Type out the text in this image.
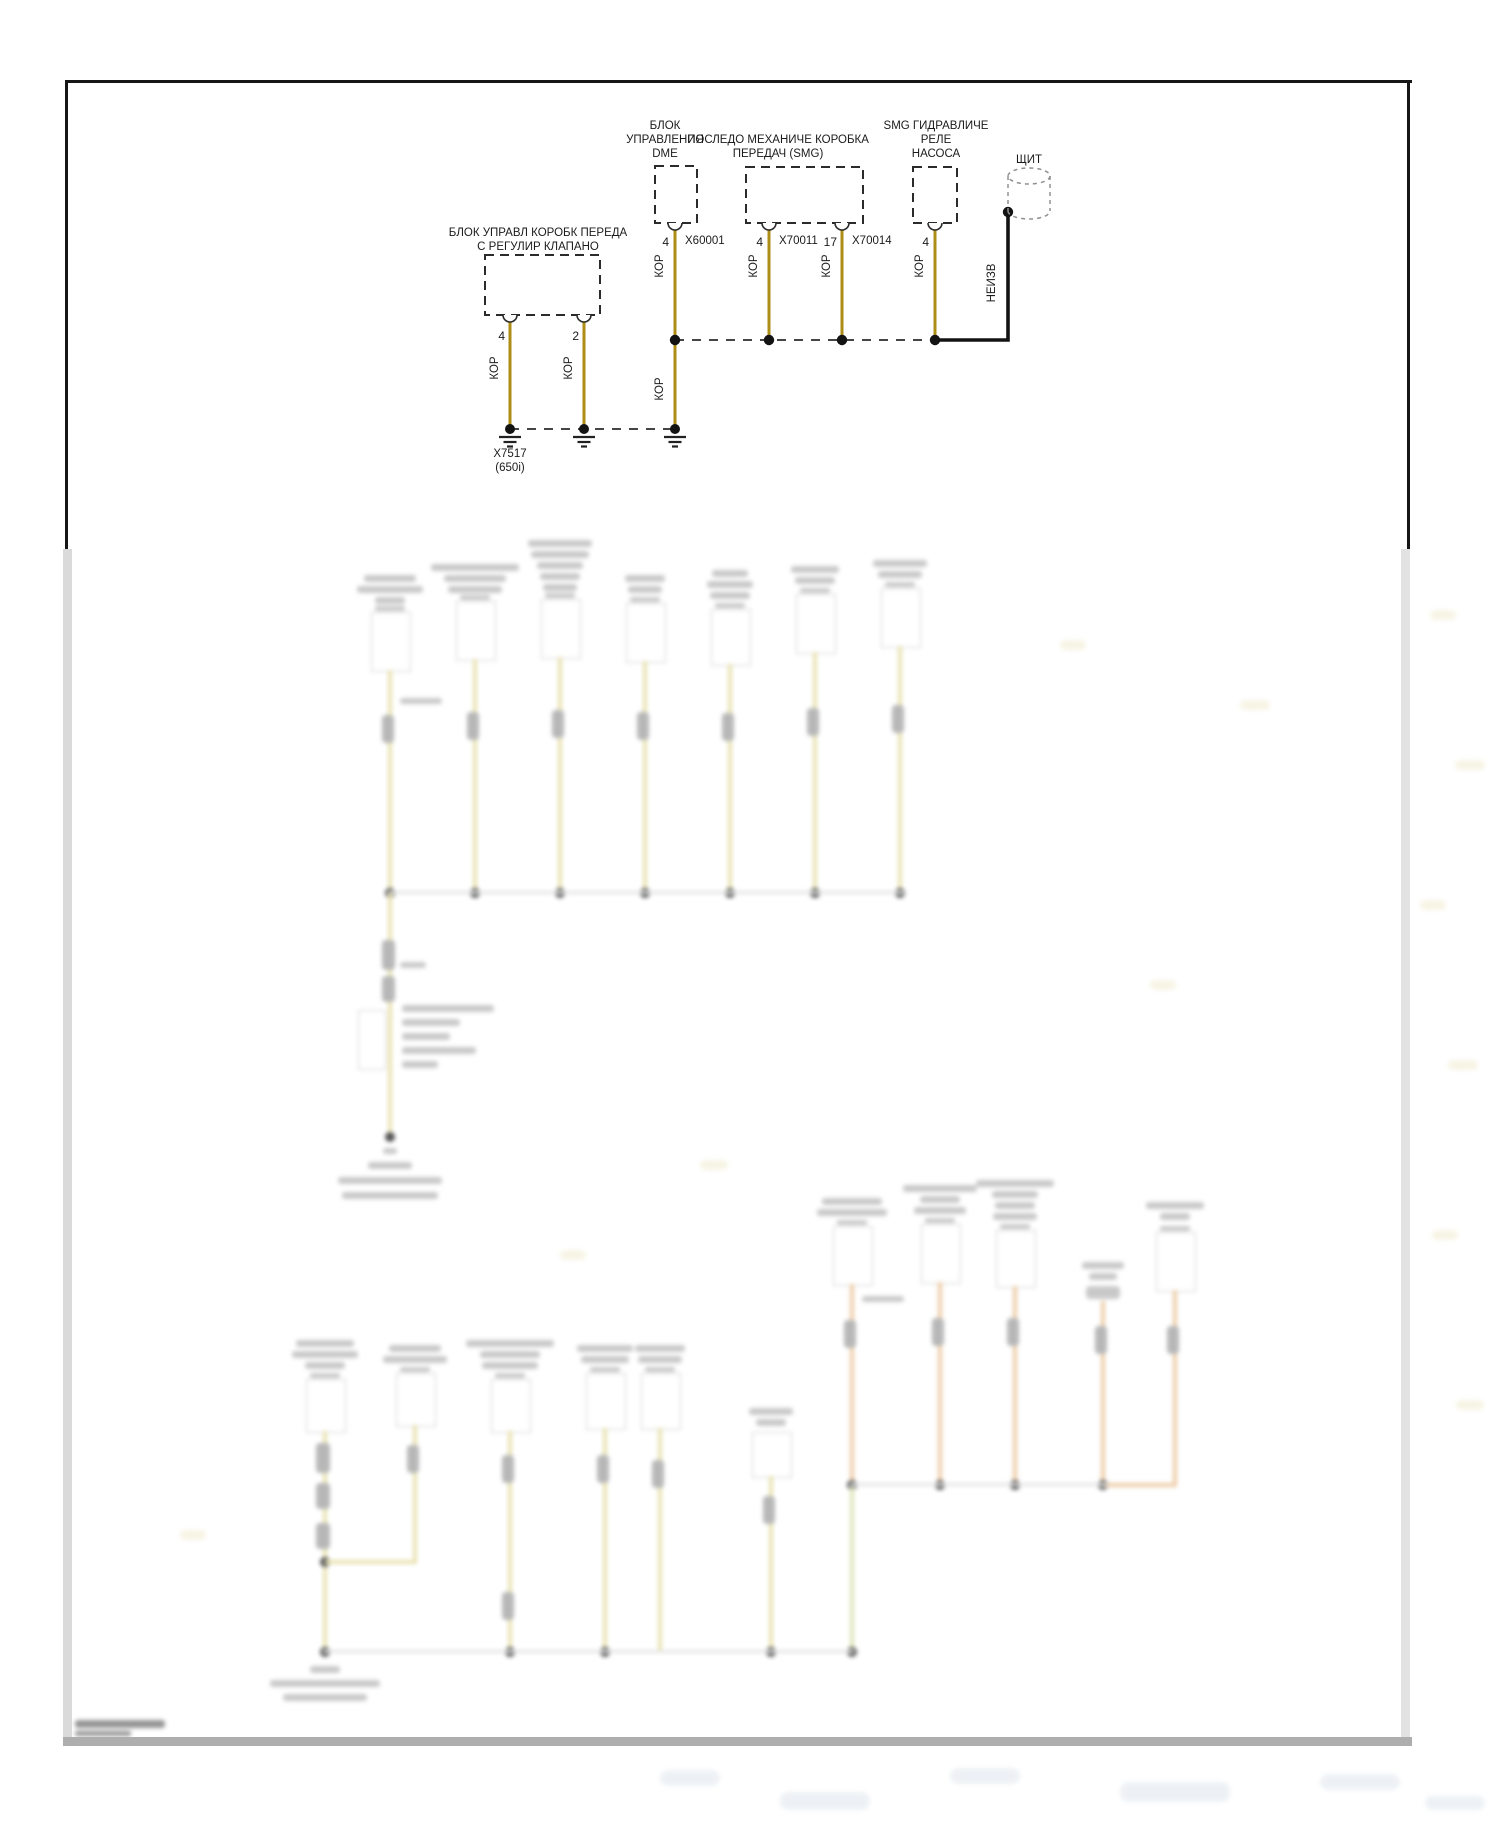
БЛОК УПРАВЛ КОРОБК ПЕРЕДА
С РЕГУЛИР КЛАПАНО
БЛОК
УПРАВЛЕНИЯ
DME
ПОСЛЕДО МЕХАНИЧЕ КОРОБКА
ПЕРЕДАЧ (SMG)
SMG ГИДРАВЛИЧЕ
РЕЛЕ
НАСОСА	ЩИТ
4	2
4	4	17	4
X60001	X70011	X70014
КОР	КОР
КОР	КОР	КОР	КОР
КОР
НЕИЗВ
X7517
(650i)
